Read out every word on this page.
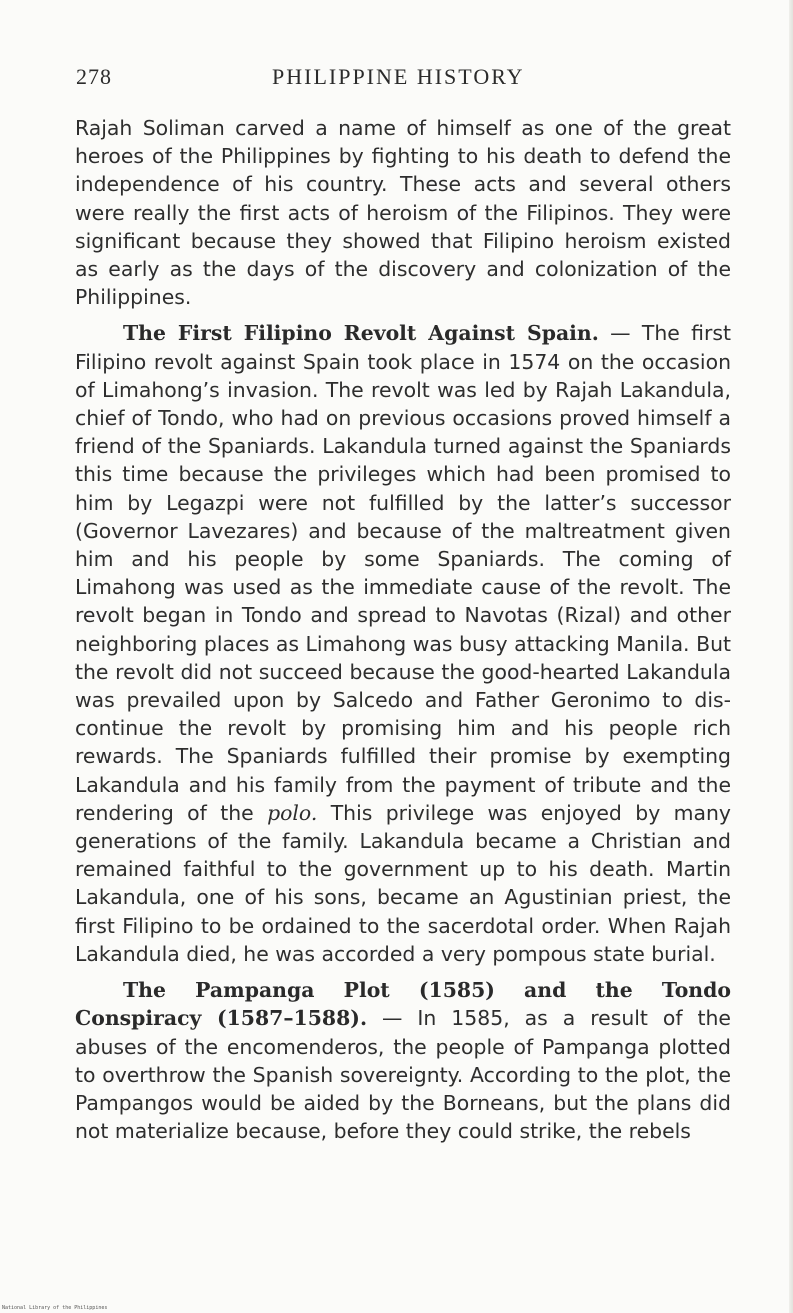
278	PHILIPPINE HISTORY

Rajah Soliman carved a name of himself as one of the great heroes of the Philippines by fighting to his death to defend the independence of his country. These acts and several others were really the first acts of heroism of the Filipinos. They were significant because they showed that Filipino heroism existed as early as the days of the discovery and colonization of the Philippines.

The First Filipino Revolt Against Spain. — The first Filipino revolt against Spain took place in 1574 on the occasion of Limahong’s invasion. The revolt was led by Rajah Lakandula, chief of Tondo, who had on previous occasions proved himself a friend of the Spaniards. Lakandula turned against the Spaniards this time because the privileges which had been promised to him by Legazpi were not fulfilled by the latter’s successor (Governor Lavezares) and because of the maltreatment given him and his people by some Spaniards. The coming of Limahong was used as the immediate cause of the revolt. The revolt began in Tondo and spread to Navotas (Rizal) and other neighboring places as Limahong was busy attacking Manila. But the revolt did not succeed because the good-hearted Lakandula was prevailed upon by Salcedo and Father Geronimo to discontinue the revolt by promising him and his people rich rewards. The Spaniards fulfilled their promise by exempting Lakandula and his family from the payment of tribute and the rendering of the polo. This privilege was enjoyed by many generations of the family. Lakandula became a Christian and remained faithful to the government up to his death. Martin Lakandula, one of his sons, became an Agustinian priest, the first Filipino to be ordained to the sacerdotal order. When Rajah Lakandula died, he was accorded a very pompous state burial.

The Pampanga Plot (1585) and the Tondo Conspiracy (1587–1588). — In 1585, as a result of the abuses of the encomenderos, the people of Pampanga plotted to overthrow the Spanish sovereignty. According to the plot, the Pampangos would be aided by the Borneans, but the plans did not materialize because, before they could strike, the rebels

National Library of the Philippines
